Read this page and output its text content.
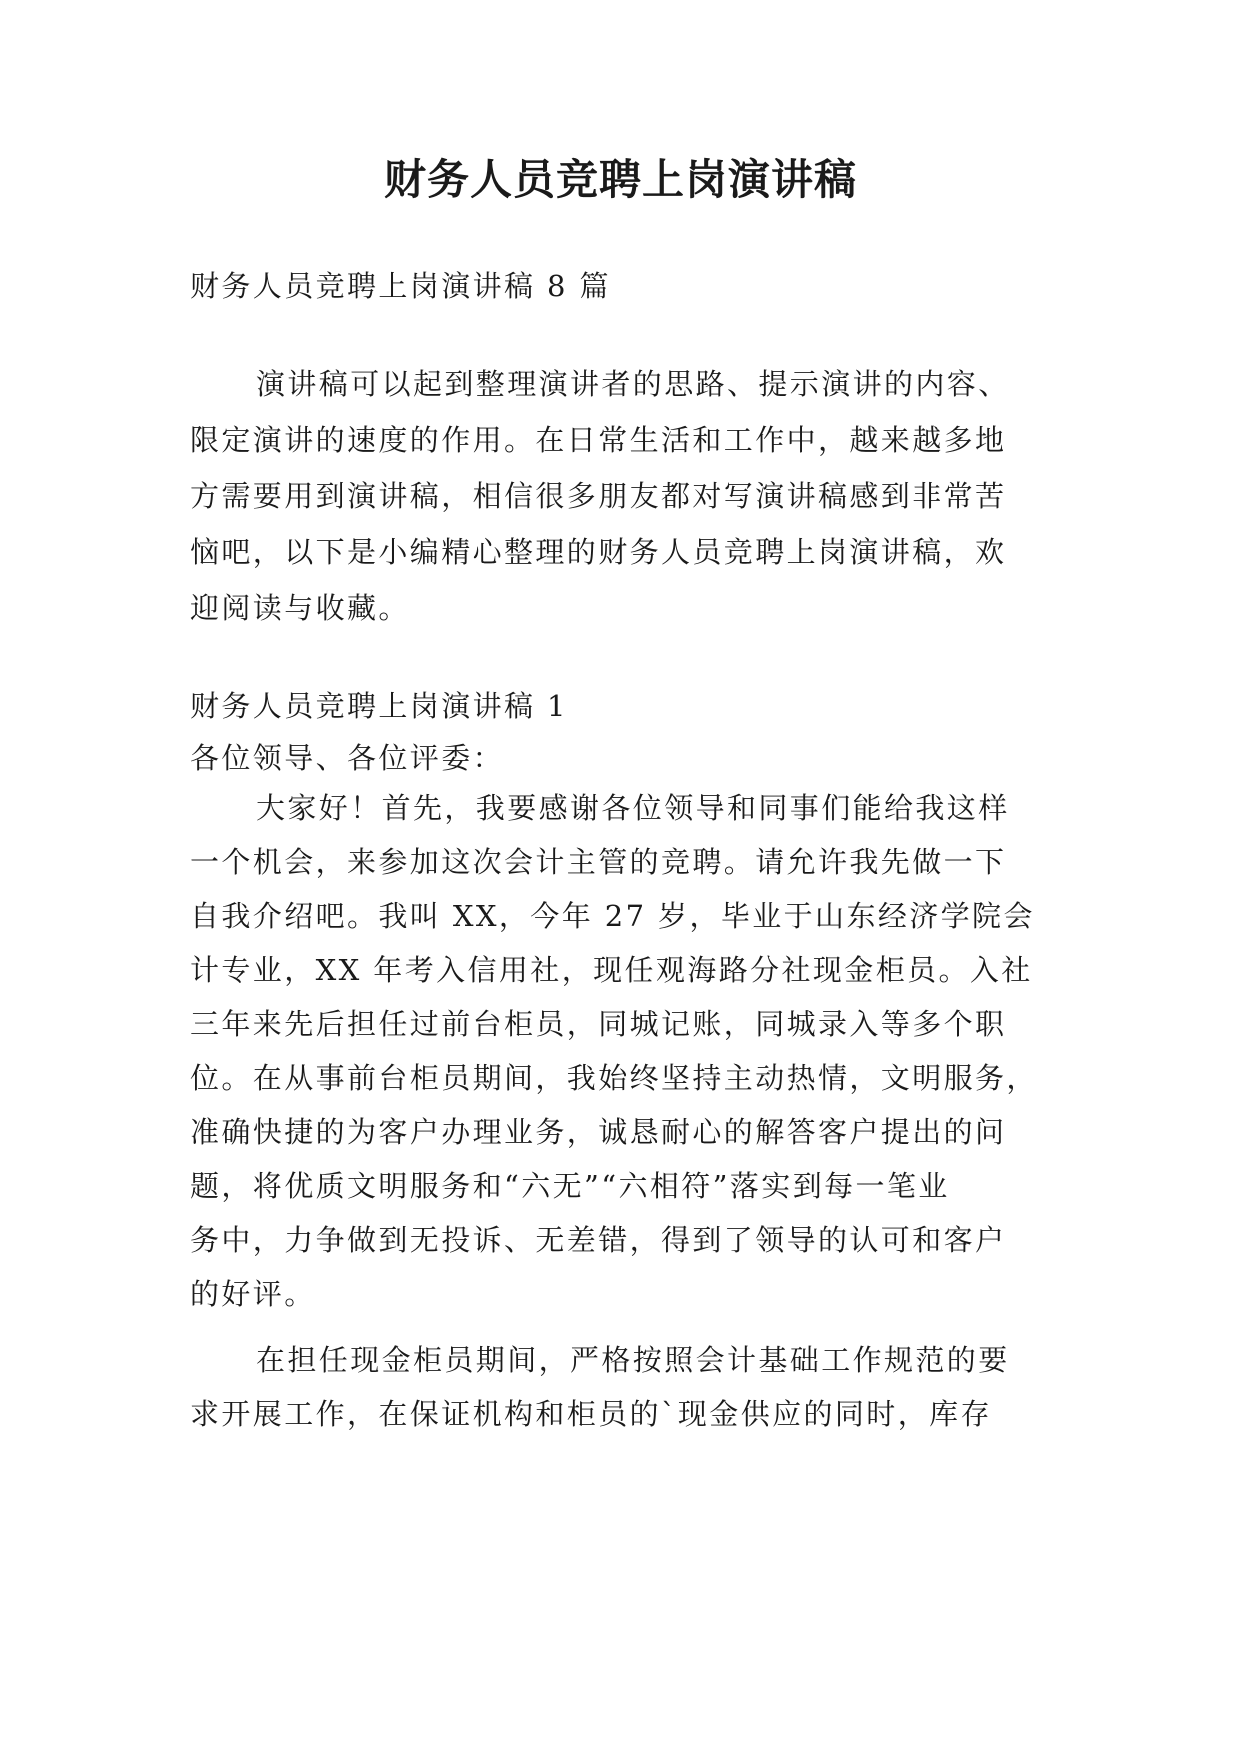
财务人员竞聘上岗演讲稿

财务人员竞聘上岗演讲稿 8 篇

演讲稿可以起到整理演讲者的思路、提示演讲的内容、

限定演讲的速度的作用。在日常生活和工作中，越来越多地

方需要用到演讲稿，相信很多朋友都对写演讲稿感到非常苦

恼吧，以下是小编精心整理的财务人员竞聘上岗演讲稿，欢

迎阅读与收藏。

财务人员竞聘上岗演讲稿 1

各位领导、各位评委：

大家好！首先，我要感谢各位领导和同事们能给我这样

一个机会，来参加这次会计主管的竞聘。请允许我先做一下

自我介绍吧。我叫 XX，今年 27 岁，毕业于山东经济学院会

计专业，XX 年考入信用社，现任观海路分社现金柜员。入社

三年来先后担任过前台柜员，同城记账，同城录入等多个职

位。在从事前台柜员期间，我始终坚持主动热情，文明服务，

准确快捷的为客户办理业务，诚恳耐心的解答客户提出的问

题，将优质文明服务和“六无”“六相符”落实到每一笔业

务中，力争做到无投诉、无差错，得到了领导的认可和客户

的好评。

在担任现金柜员期间，严格按照会计基础工作规范的要

求开展工作，在保证机构和柜员的`现金供应的同时，库存
